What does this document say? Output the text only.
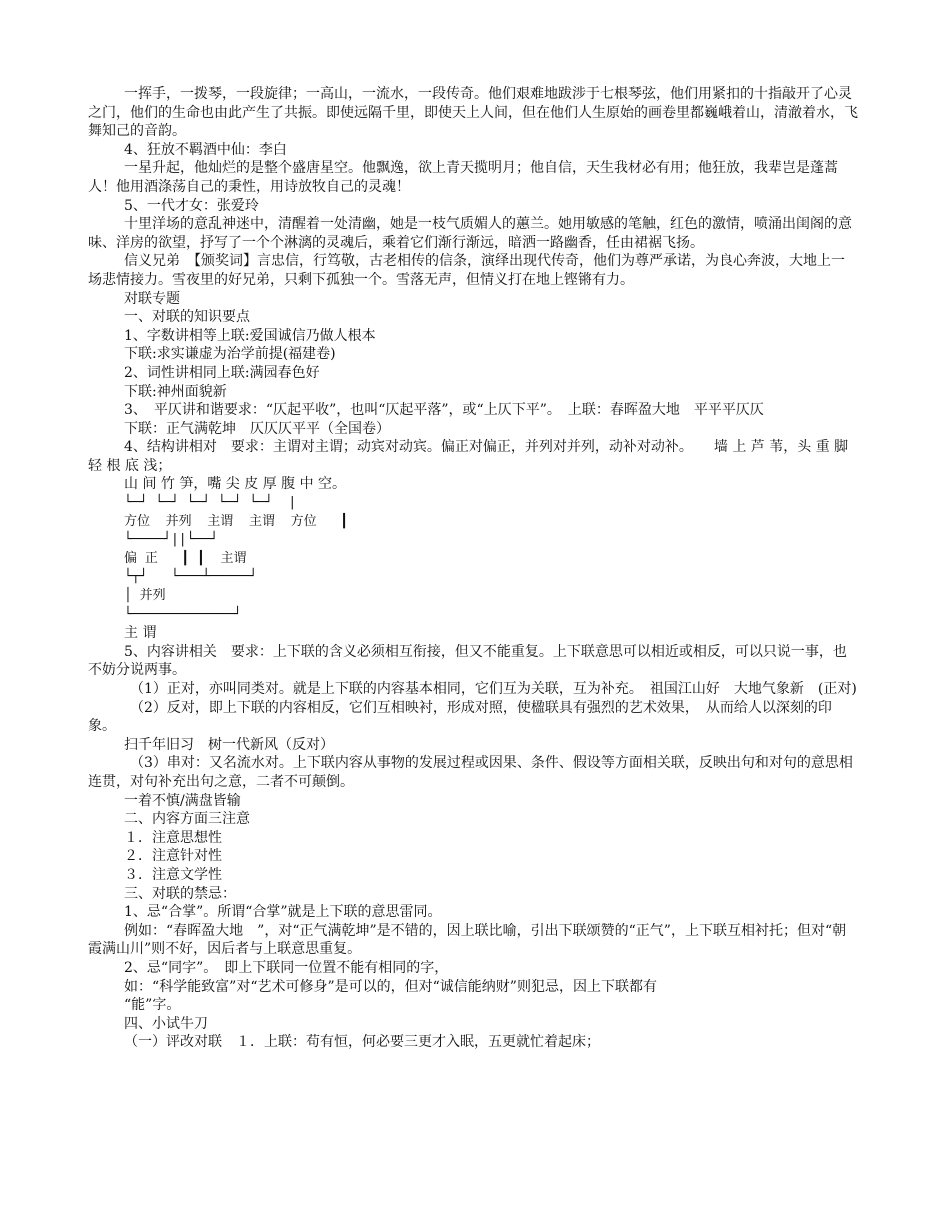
一挥手，一拨琴，一段旋律；一高山，一流水，一段传奇。他们艰难地跋涉于七根琴弦，他们用紧扣的十指敲开了心灵之门，他们的生命也由此产生了共振。即使远隔千里，即使天上人间，但在他们人生原始的画卷里都巍峨着山，清澈着水，飞舞知己的音韵。

4、狂放不羁酒中仙：李白

一星升起，他灿烂的是整个盛唐星空。他飘逸，欲上青天揽明月；他自信，天生我材必有用；他狂放，我辈岂是蓬蒿人！他用酒涤荡自己的秉性，用诗放牧自己的灵魂！

5、一代才女：张爱玲

十里洋场的意乱神迷中，清醒着一处清幽，她是一枝气质媚人的蕙兰。她用敏感的笔触，红色的激情，喷涌出闺阁的意味、洋房的欲望，抒写了一个个淋漓的灵魂后，乘着它们渐行渐远，暗洒一路幽香，任由裙裾飞扬。

信义兄弟　【颁奖词】言忠信，行笃敬，古老相传的信条，演绎出现代传奇，他们为尊严承诺，为良心奔波，大地上一场悲情接力。雪夜里的好兄弟，只剩下孤独一个。雪落无声，但情义打在地上铿锵有力。

对联专题

一、对联的知识要点

1、字数讲相等上联:爱国诚信乃做人根本

下联:求实谦虚为治学前提(福建卷)

2、词性讲相同上联:满园春色好

下联:神州面貌新

3、　平仄讲和谐要求：“仄起平收”，也叫“仄起平落”，或“上仄下平”。　上联：春晖盈大地　平平平仄仄

下联：正气满乾坤　仄仄仄平平（全国卷）

4、结构讲相对　要求：主谓对主谓；动宾对动宾。偏正对偏正，并列对并列，动补对动补。　　墙 上 芦 苇，头 重 脚 轻 根 底 浅；

山 间 竹 笋，嘴 尖 皮 厚 腹 中 空。

└─┘ └─┘ └─┘ └─┘ └─┘  |

方位  并列  主谓  主谓  方位   ┃

└────┘||└──┘

偏 正   ┃ ┃  主谓

└┬┘   └───┴─────┘

│ 并列

└─────────────┘

主 谓

5、内容讲相关　要求：上下联的含义必须相互衔接，但又不能重复。上下联意思可以相近或相反，可以只说一事，也不妨分说两事。

（1）正对，亦叫同类对。就是上下联的内容基本相同，它们互为关联，互为补充。　祖国江山好　大地气象新　(正对)

（2）反对，即上下联的内容相反，它们互相映衬，形成对照，使楹联具有强烈的艺术效果，　从而给人以深刻的印象。

扫千年旧习　树一代新风（反对）

（3）串对：又名流水对。上下联内容从事物的发展过程或因果、条件、假设等方面相关联，反映出句和对句的意思相连贯，对句补充出句之意，二者不可颠倒。

一着不慎/满盘皆输

二、内容方面三注意

１．注意思想性

２．注意针对性

３．注意文学性

三、对联的禁忌：

1、忌“合掌”。所谓“合掌”就是上下联的意思雷同。

例如：“春晖盈大地　”，对“正气满乾坤”是不错的，因上联比喻，引出下联颂赞的“正气”，上下联互相衬托；但对“朝霞满山川”则不好，因后者与上联意思重复。

2、忌“同字”。　即上下联同一位置不能有相同的字，

如：“科学能致富”对“艺术可修身”是可以的，但对“诚信能纳财”则犯忌，因上下联都有

“能”字。

四、小试牛刀

（一）评改对联　１．上联：苟有恒，何必要三更才入眠，五更就忙着起床；
